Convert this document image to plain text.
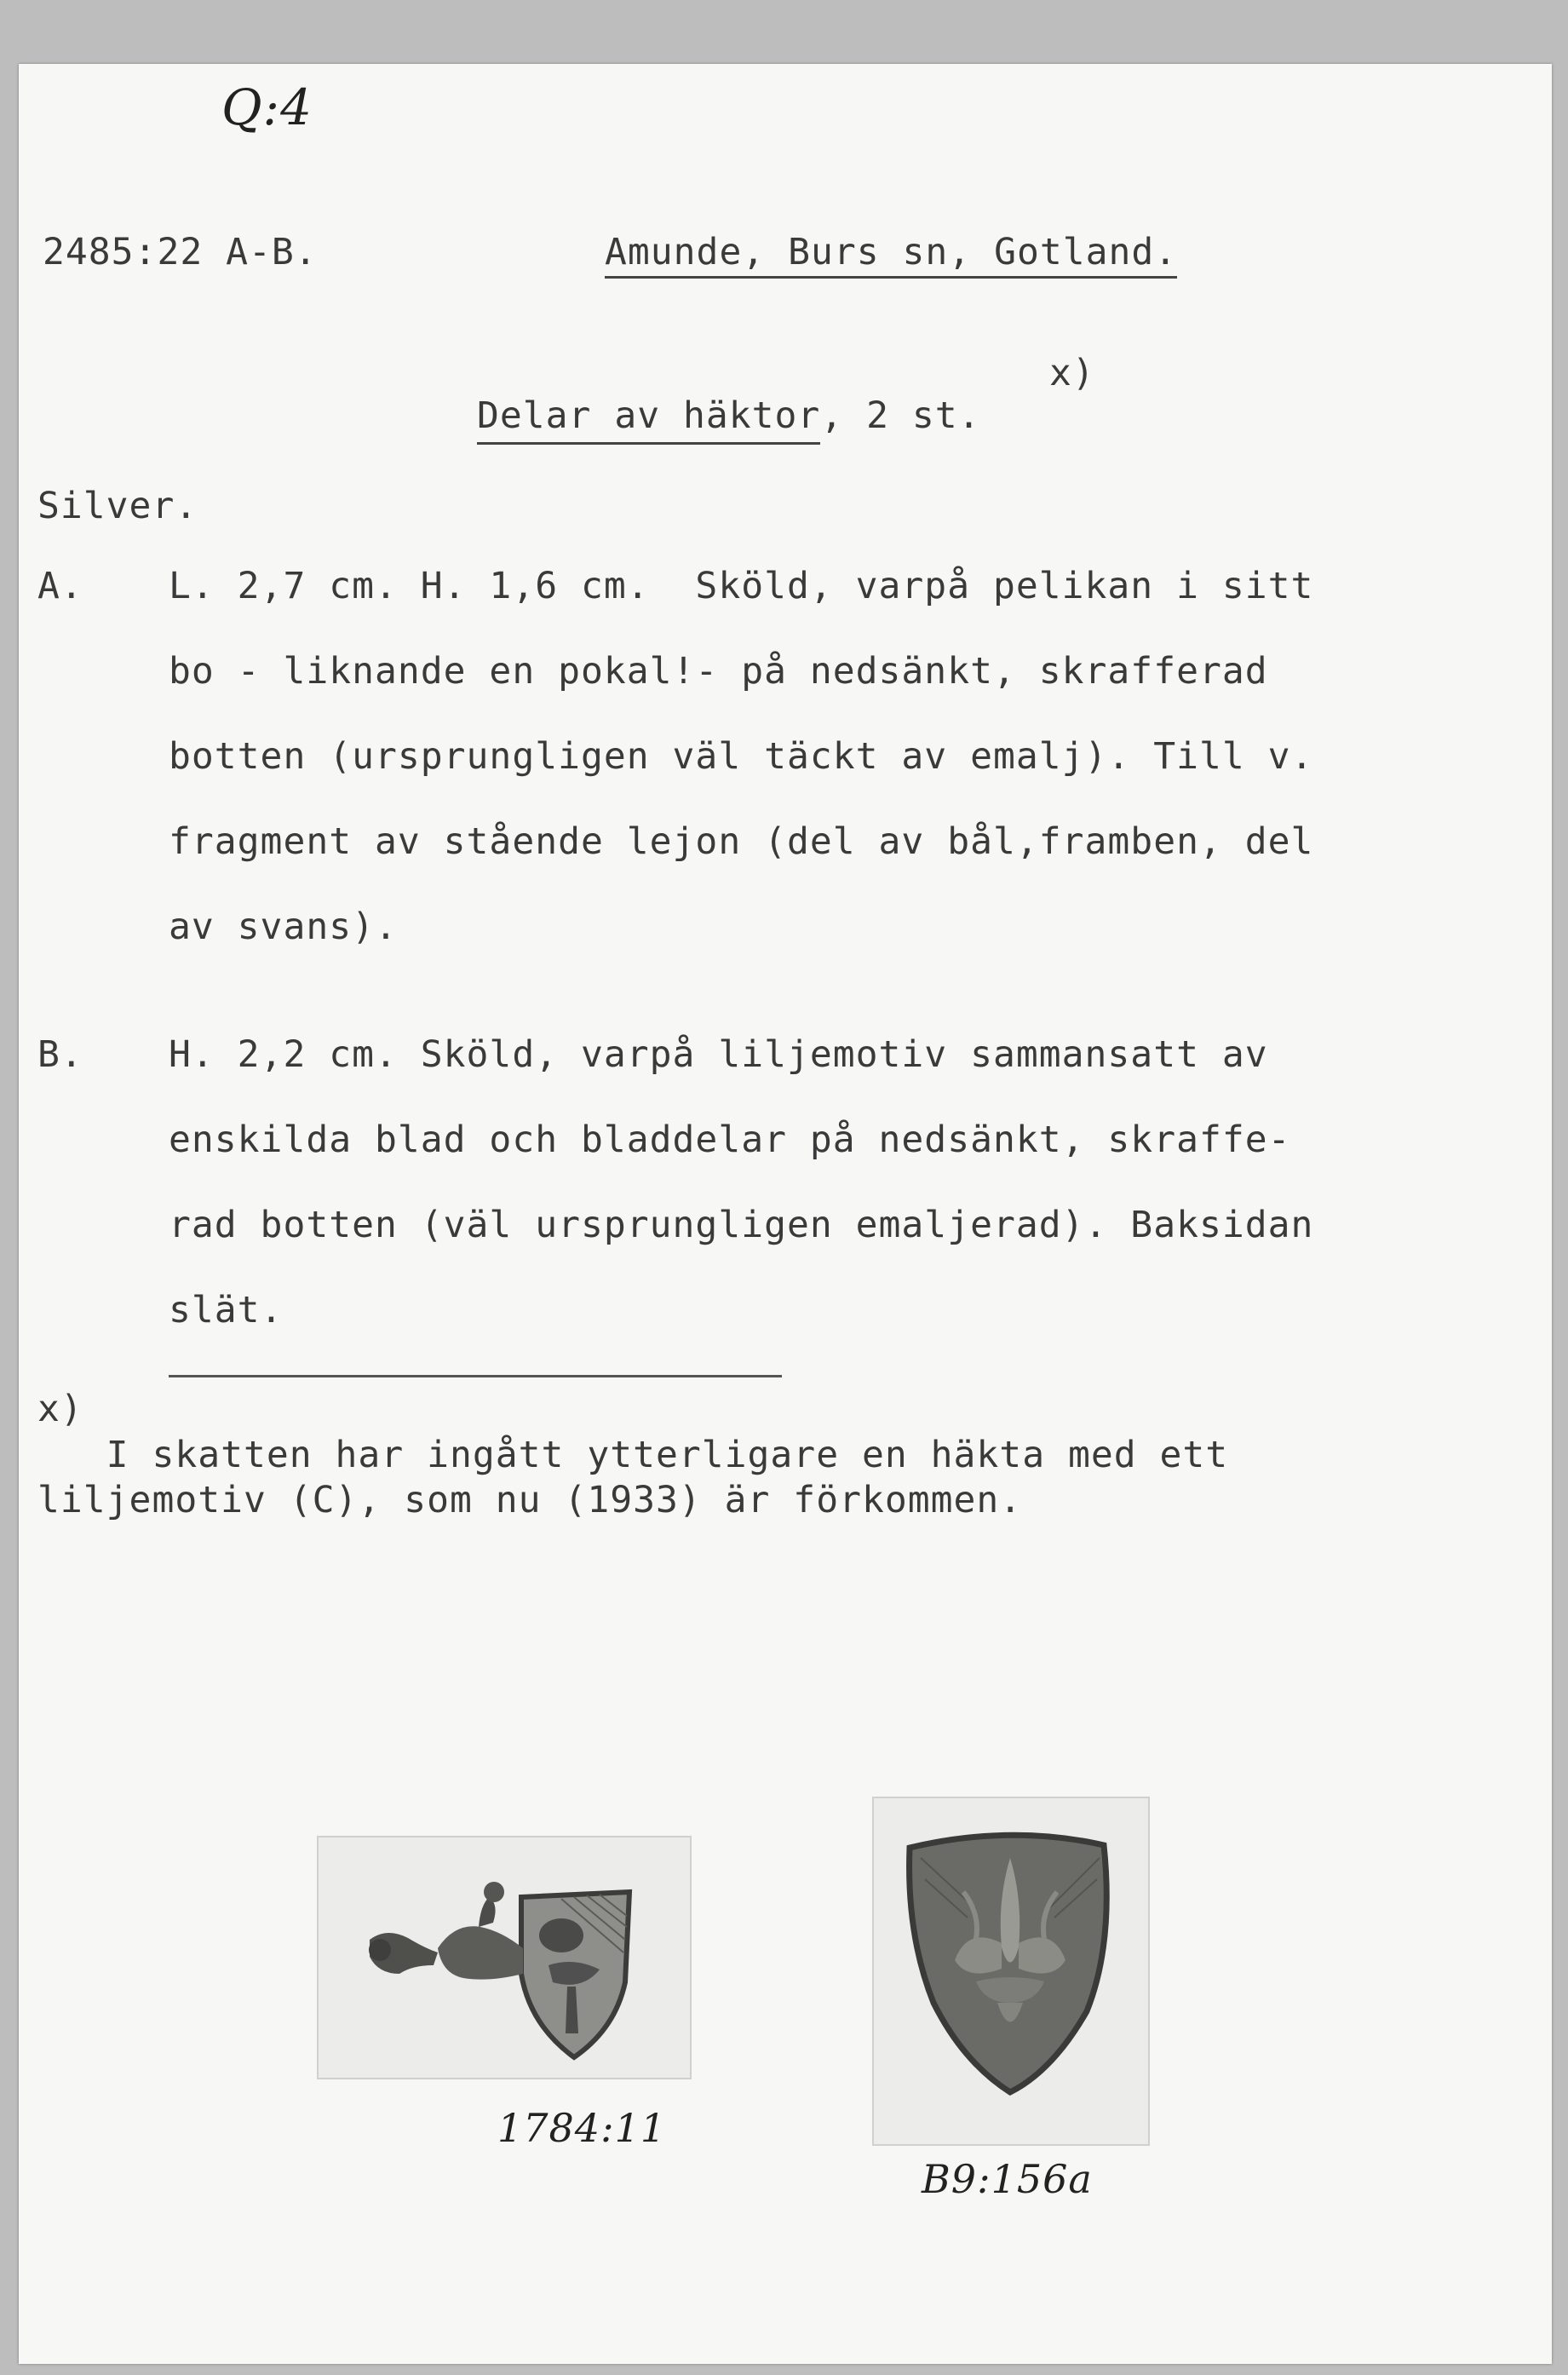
Q:4
2485:22 A-B.	Amunde, Burs sn, Gotland.
x)
Delar av häktor, 2 st.
Silver.
A. L. 2,7 cm. H. 1,6 cm.  Sköld, varpå pelikan i sitt
bo - liknande en pokal!- på nedsänkt, skrafferad
botten (ursprungligen väl täckt av emalj). Till v.
fragment av stående lejon (del av bål,framben, del
av svans).
B. H. 2,2 cm. Sköld, varpå liljemotiv sammansatt av
enskilda blad och bladdelar på nedsänkt, skraffe-
rad botten (väl ursprungligen emaljerad). Baksidan
slät.
x)
I skatten har ingått ytterligare en häkta med ett
liljemotiv (C), som nu (1933) är förkommen.
1784:11
B9:156a
